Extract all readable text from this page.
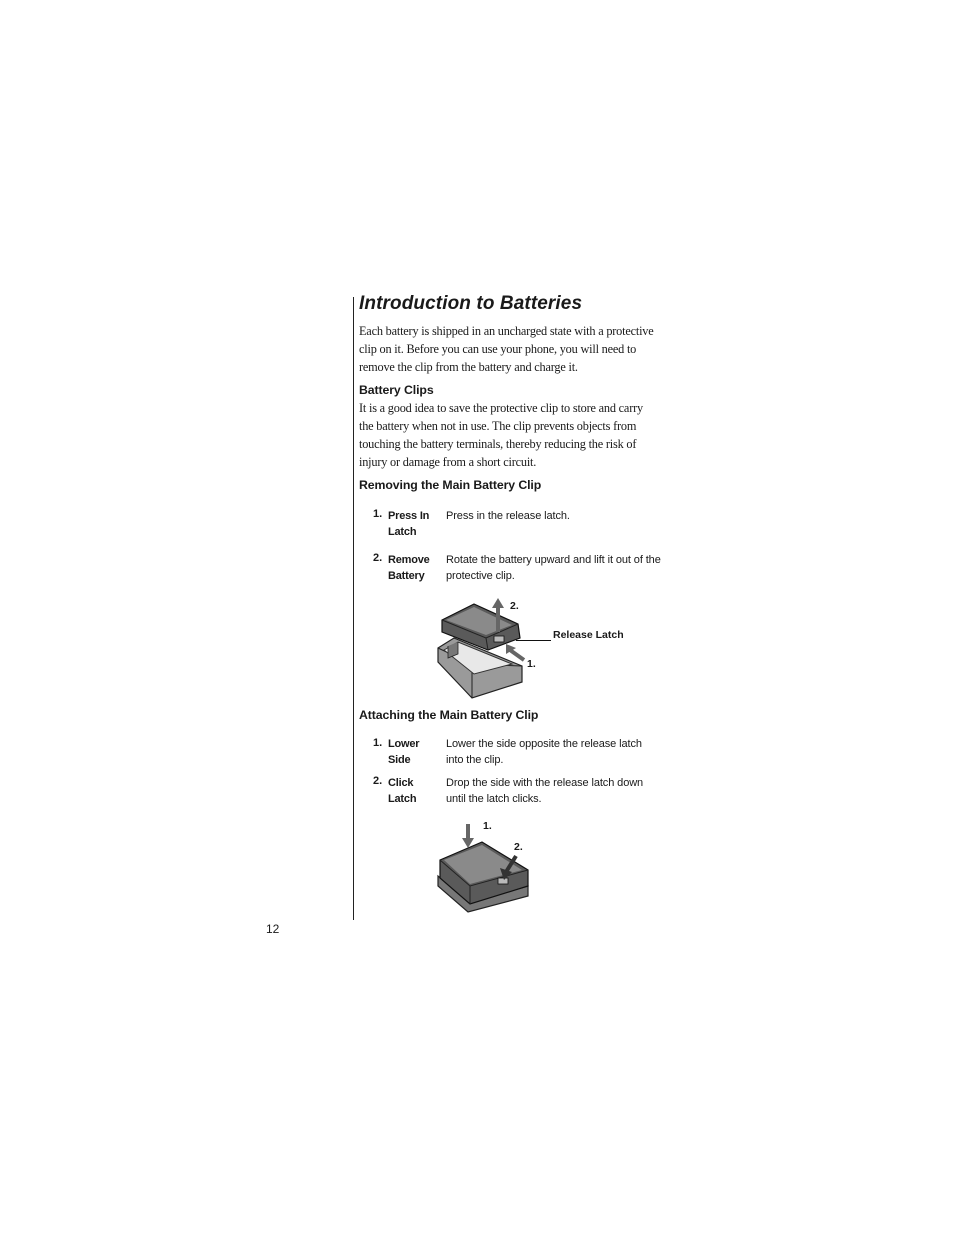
Introduction to Batteries

Each battery is shipped in an uncharged state with a protective clip on it. Before you can use your phone, you will need to remove the clip from the battery and charge it.

Battery Clips

It is a good idea to save the protective clip to store and carry the battery when not in use. The clip prevents objects from touching the battery terminals, thereby reducing the risk of injury or damage from a short circuit.

Removing the Main Battery Clip
1. Press In Latch
Press in the release latch.
2. Remove Battery
Rotate the battery upward and lift it out of the protective clip.
2.
Release Latch
1.
Attaching the Main Battery Clip
1. Lower Side
Lower the side opposite the release latch into the clip.
2. Click Latch
Drop the side with the release latch down until the latch clicks.
1.
2.
12
